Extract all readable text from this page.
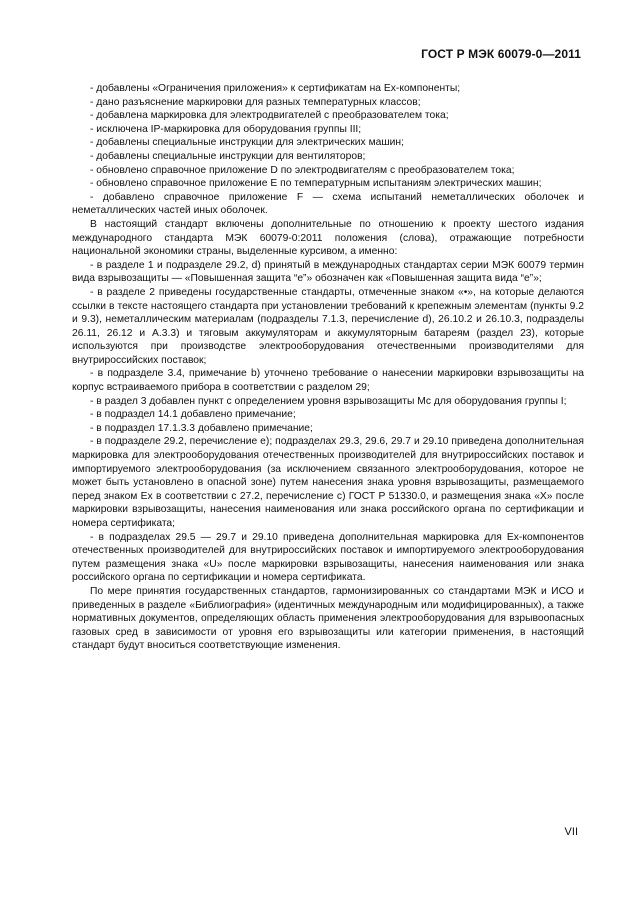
ГОСТ Р МЭК 60079-0—2011

- добавлены «Ограничения приложения» к сертификатам на Ex-компоненты;

- дано разъяснение маркировки для разных температурных классов;

- добавлена маркировка для электродвигателей с преобразователем тока;

- исключена IP-маркировка для оборудования группы III;

- добавлены специальные инструкции для электрических машин;

- добавлены специальные инструкции для вентиляторов;

- обновлено справочное приложение D по электродвигателям с преобразователем тока;

- обновлено справочное приложение E по температурным испытаниям электрических машин;

- добавлено справочное приложение F — схема испытаний неметаллических оболочек и неметаллических частей иных оболочек.

В настоящий стандарт включены дополнительные по отношению к проекту шестого издания международного стандарта МЭК 60079-0:2011 положения (слова), отражающие потребности национальной экономики страны, выделенные курсивом, а именно:

- в разделе 1 и подразделе 29.2, d) принятый в международных стандартах серии МЭК 60079 термин вида взрывозащиты — «Повышенная защита “e”» обозначен как «Повышенная защита вида “e”»;

- в разделе 2 приведены государственные стандарты, отмеченные знаком «•», на которые делаются ссылки в тексте настоящего стандарта при установлении требований к крепежным элементам (пункты 9.2 и 9.3), неметаллическим материалам (подразделы 7.1.3, перечисление d), 26.10.2 и 26.10.3, подразделы 26.11, 26.12 и А.3.3) и тяговым аккумуляторам и аккумуляторным батареям (раздел 23), которые используются при производстве электрооборудования отечественными производителями для внутрироссийских поставок;

- в подразделе 3.4, примечание b) уточнено требование о нанесении маркировки взрывозащиты на корпус встраиваемого прибора в соответствии с разделом 29;

- в раздел 3 добавлен пункт с определением уровня взрывозащиты Мс для оборудования группы I;

- в подраздел 14.1 добавлено примечание;

- в подраздел 17.1.3.3 добавлено примечание;

- в подразделе 29.2, перечисление е); подразделах 29.3, 29.6, 29.7 и 29.10 приведена дополнительная маркировка для электрооборудования отечественных производителей для внутрироссийских поставок и импортируемого электрооборудования (за исключением связанного электрооборудования, которое не может быть установлено в опасной зоне) путем нанесения знака уровня взрывозащиты, размещаемого перед знаком Ex в соответствии с 27.2, перечисление с) ГОСТ Р 51330.0, и размещения знака «X» после маркировки взрывозащиты, нанесения наименования или знака российского органа по сертификации и номера сертификата;

- в подразделах 29.5 — 29.7 и 29.10 приведена дополнительная маркировка для Ex-компонентов отечественных производителей для внутрироссийских поставок и импортируемого электрооборудования путем размещения знака «U» после маркировки взрывозащиты, нанесения наименования или знака российского органа по сертификации и номера сертификата.

По мере принятия государственных стандартов, гармонизированных со стандартами МЭК и ИСО и приведенных в разделе «Библиография» (идентичных международным или модифицированных), а также нормативных документов, определяющих область применения электрооборудования для взрывоопасных газовых сред в зависимости от уровня его взрывозащиты или категории применения, в настоящий стандарт будут вноситься соответствующие изменения.

VII
